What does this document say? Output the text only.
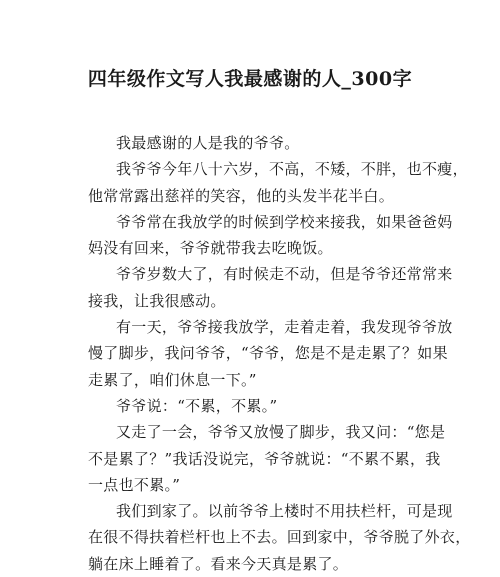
四年级作文写人我最感谢的人_300字
我最感谢的人是我的爷爷。
我爷爷今年八十六岁，不高，不矮，不胖，也不瘦，
他常常露出慈祥的笑容，他的头发半花半白。
爷爷常在我放学的时候到学校来接我，如果爸爸妈
妈没有回来，爷爷就带我去吃晚饭。
爷爷岁数大了，有时候走不动，但是爷爷还常常来
接我，让我很感动。
有一天，爷爷接我放学，走着走着，我发现爷爷放
慢了脚步，我问爷爷，“爷爷，您是不是走累了？如果
走累了，咱们休息一下。”
爷爷说：“不累，不累。”
又走了一会，爷爷又放慢了脚步，我又问：“您是
不是累了？”我话没说完，爷爷就说：“不累不累，我
一点也不累。”
我们到家了。以前爷爷上楼时不用扶栏杆，可是现
在很不得扶着栏杆也上不去。回到家中，爷爷脱了外衣，
躺在床上睡着了。看来今天真是累了。
